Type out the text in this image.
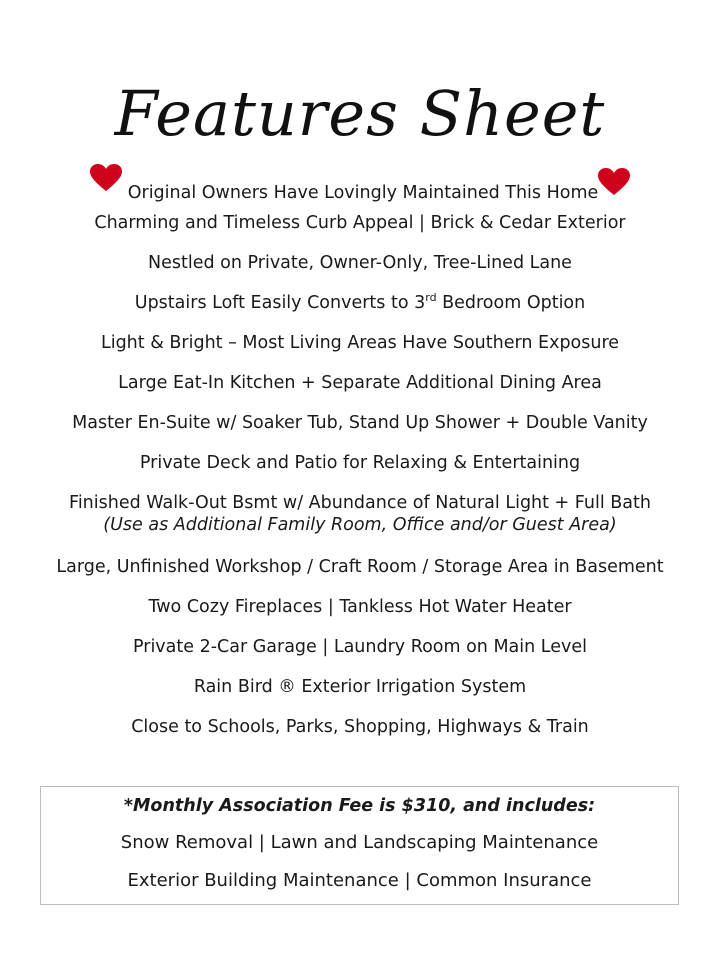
Features Sheet
Original Owners Have Lovingly Maintained This Home
Charming and Timeless Curb Appeal | Brick & Cedar Exterior
Nestled on Private, Owner-Only, Tree-Lined Lane
Upstairs Loft Easily Converts to 3rd Bedroom Option
Light & Bright – Most Living Areas Have Southern Exposure
Large Eat-In Kitchen + Separate Additional Dining Area
Master En-Suite w/ Soaker Tub, Stand Up Shower + Double Vanity
Private Deck and Patio for Relaxing & Entertaining
Finished Walk-Out Bsmt w/ Abundance of Natural Light + Full Bath
(Use as Additional Family Room, Office and/or Guest Area)
Large, Unfinished Workshop / Craft Room / Storage Area in Basement
Two Cozy Fireplaces | Tankless Hot Water Heater
Private 2-Car Garage | Laundry Room on Main Level
Rain Bird ® Exterior Irrigation System
Close to Schools, Parks, Shopping, Highways & Train
*Monthly Association Fee is $310, and includes:
Snow Removal | Lawn and Landscaping Maintenance
Exterior Building Maintenance | Common Insurance
